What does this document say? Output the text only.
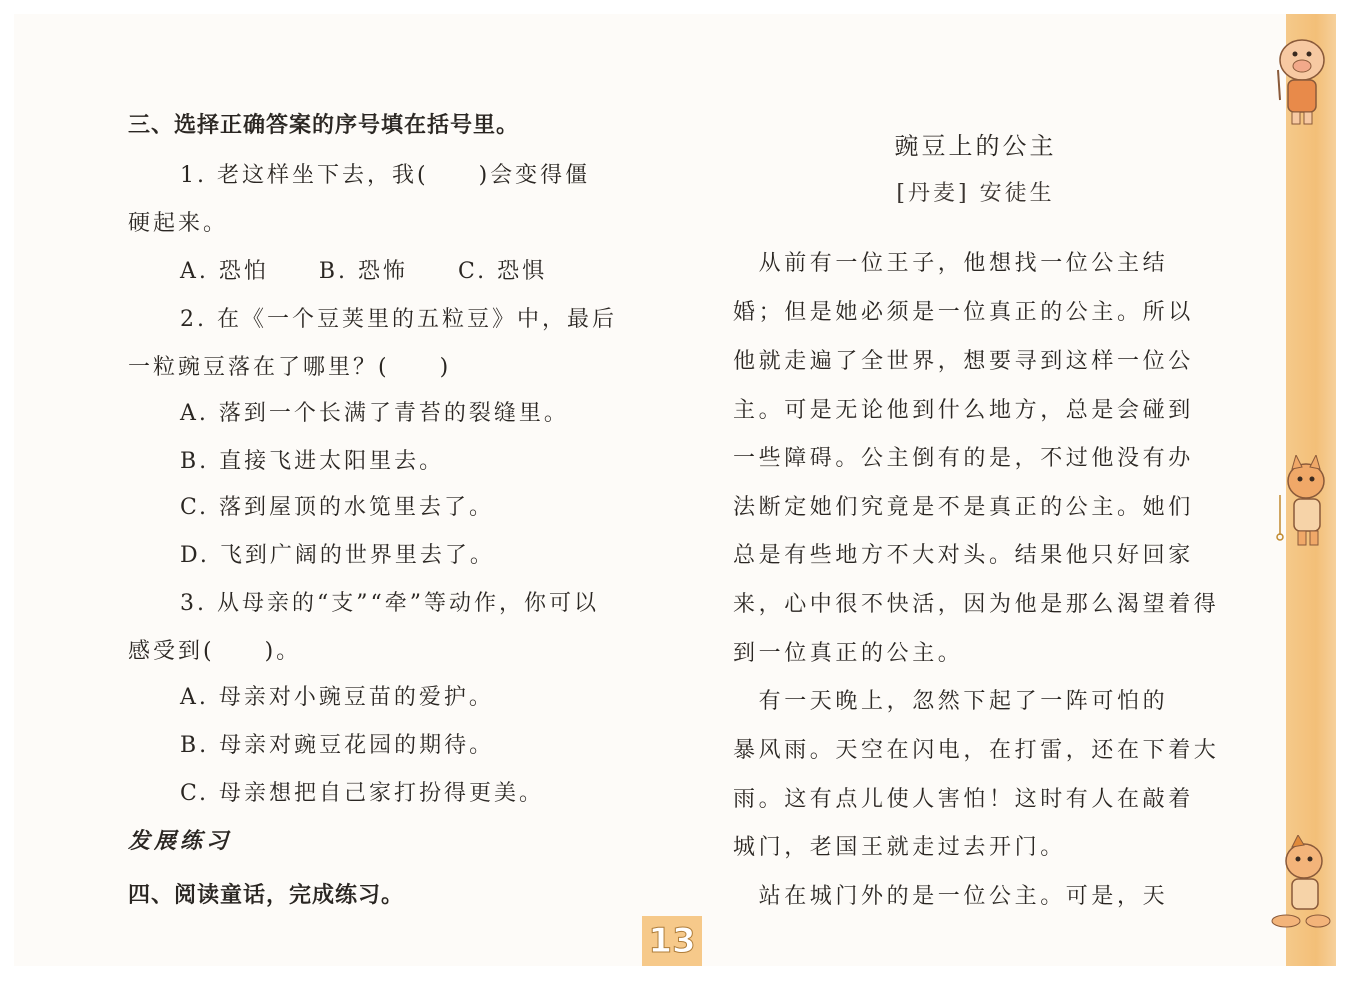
三、选择正确答案的序号填在括号里。
1. 老这样坐下去，我(　　)会变得僵
硬起来。
A. 恐怕　　B. 恐怖　　C. 恐惧
2. 在《一个豆荚里的五粒豆》中，最后
一粒豌豆落在了哪里？(　　)
A. 落到一个长满了青苔的裂缝里。
B. 直接飞进太阳里去。
C. 落到屋顶的水笕里去了。
D. 飞到广阔的世界里去了。
3. 从母亲的“支”“牵”等动作，你可以
感受到(　　)。
A. 母亲对小豌豆苗的爱护。
B. 母亲对豌豆花园的期待。
C. 母亲想把自己家打扮得更美。
发展练习
四、阅读童话，完成练习。
豌豆上的公主
[丹麦] 安徒生
　从前有一位王子，他想找一位公主结
婚；但是她必须是一位真正的公主。所以
他就走遍了全世界，想要寻到这样一位公
主。可是无论他到什么地方，总是会碰到
一些障碍。公主倒有的是，不过他没有办
法断定她们究竟是不是真正的公主。她们
总是有些地方不大对头。结果他只好回家
来，心中很不快活，因为他是那么渴望着得
到一位真正的公主。
　有一天晚上，忽然下起了一阵可怕的
暴风雨。天空在闪电，在打雷，还在下着大
雨。这有点儿使人害怕！这时有人在敲着
城门，老国王就走过去开门。
　站在城门外的是一位公主。可是，天
13
